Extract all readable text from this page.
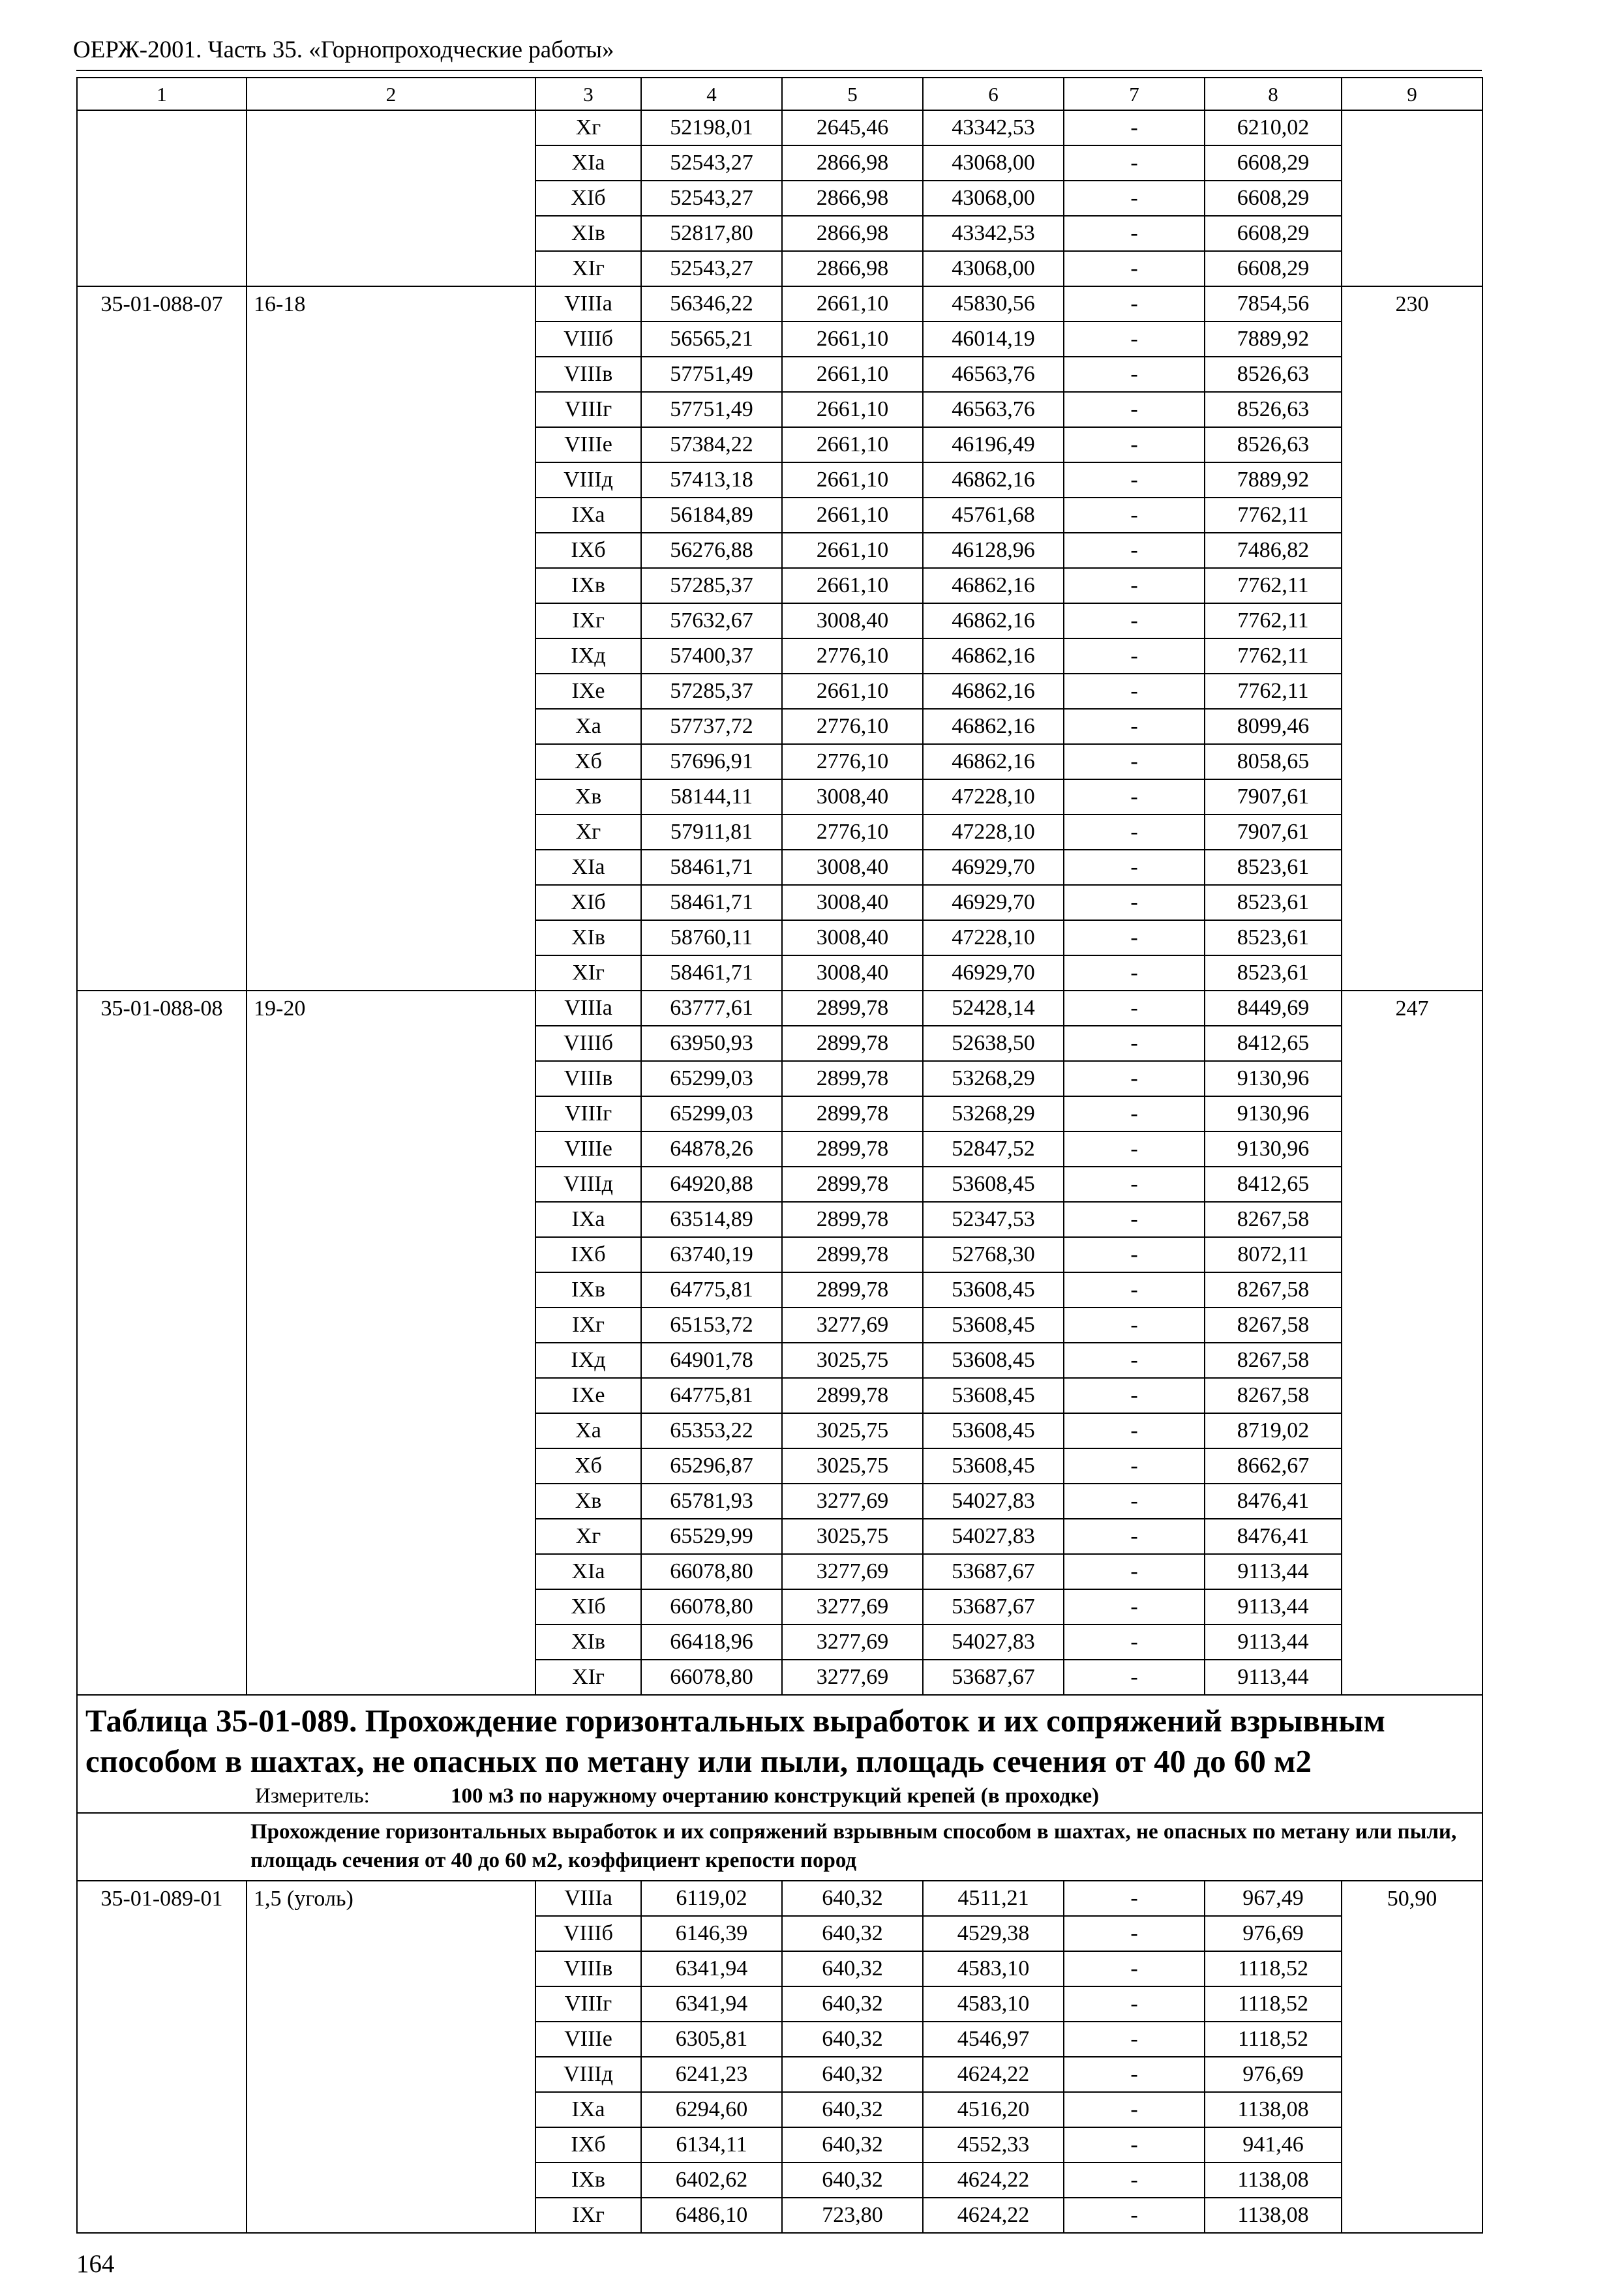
ОЕРЖ-2001. Часть 35. «Горнопроходческие работы»
1	2	3	4	5	6	7	8	9
		Xг	52198,01	2645,46	43342,53	-	6210,02	
		XIа	52543,27	2866,98	43068,00	-	6608,29	
		XIб	52543,27	2866,98	43068,00	-	6608,29	
		XIв	52817,80	2866,98	43342,53	-	6608,29	
		XIг	52543,27	2866,98	43068,00	-	6608,29	
35-01-088-07	16-18	VIIIа	56346,22	2661,10	45830,56	-	7854,56	230
		VIIIб	56565,21	2661,10	46014,19	-	7889,92	
		VIIIв	57751,49	2661,10	46563,76	-	8526,63	
		VIIIг	57751,49	2661,10	46563,76	-	8526,63	
		VIIIе	57384,22	2661,10	46196,49	-	8526,63	
		VIIIд	57413,18	2661,10	46862,16	-	7889,92	
		IXа	56184,89	2661,10	45761,68	-	7762,11	
		IXб	56276,88	2661,10	46128,96	-	7486,82	
		IXв	57285,37	2661,10	46862,16	-	7762,11	
		IXг	57632,67	3008,40	46862,16	-	7762,11	
		IXд	57400,37	2776,10	46862,16	-	7762,11	
		IXе	57285,37	2661,10	46862,16	-	7762,11	
		Xа	57737,72	2776,10	46862,16	-	8099,46	
		Xб	57696,91	2776,10	46862,16	-	8058,65	
		Xв	58144,11	3008,40	47228,10	-	7907,61	
		Xг	57911,81	2776,10	47228,10	-	7907,61	
		XIа	58461,71	3008,40	46929,70	-	8523,61	
		XIб	58461,71	3008,40	46929,70	-	8523,61	
		XIв	58760,11	3008,40	47228,10	-	8523,61	
		XIг	58461,71	3008,40	46929,70	-	8523,61	
35-01-088-08	19-20	VIIIа	63777,61	2899,78	52428,14	-	8449,69	247
		VIIIб	63950,93	2899,78	52638,50	-	8412,65	
		VIIIв	65299,03	2899,78	53268,29	-	9130,96	
		VIIIг	65299,03	2899,78	53268,29	-	9130,96	
		VIIIе	64878,26	2899,78	52847,52	-	9130,96	
		VIIIд	64920,88	2899,78	53608,45	-	8412,65	
		IXа	63514,89	2899,78	52347,53	-	8267,58	
		IXб	63740,19	2899,78	52768,30	-	8072,11	
		IXв	64775,81	2899,78	53608,45	-	8267,58	
		IXг	65153,72	3277,69	53608,45	-	8267,58	
		IXд	64901,78	3025,75	53608,45	-	8267,58	
		IXе	64775,81	2899,78	53608,45	-	8267,58	
		Xа	65353,22	3025,75	53608,45	-	8719,02	
		Xб	65296,87	3025,75	53608,45	-	8662,67	
		Xв	65781,93	3277,69	54027,83	-	8476,41	
		Xг	65529,99	3025,75	54027,83	-	8476,41	
		XIа	66078,80	3277,69	53687,67	-	9113,44	
		XIб	66078,80	3277,69	53687,67	-	9113,44	
		XIв	66418,96	3277,69	54027,83	-	9113,44	
		XIг	66078,80	3277,69	53687,67	-	9113,44	

Таблица 35-01-089. Прохождение горизонтальных выработок и их сопряжений взрывным способом в шахтах, не опасных по метану или пыли, площадь сечения от 40 до 60 м2
Измеритель: 100 м3 по наружному очертанию конструкций крепей (в проходке)								

Прохождение горизонтальных выработок и их сопряжений взрывным способом в шахтах, не опасных по метану или пыли, площадь сечения от 40 до 60 м2, коэффициент крепости пород								
35-01-089-01	1,5 (уголь)	VIIIа	6119,02	640,32	4511,21	-	967,49	50,90
		VIIIб	6146,39	640,32	4529,38	-	976,69	
		VIIIв	6341,94	640,32	4583,10	-	1118,52	
		VIIIг	6341,94	640,32	4583,10	-	1118,52	
		VIIIе	6305,81	640,32	4546,97	-	1118,52	
		VIIIд	6241,23	640,32	4624,22	-	976,69	
		IXа	6294,60	640,32	4516,20	-	1138,08	
		IXб	6134,11	640,32	4552,33	-	941,46	
		IXв	6402,62	640,32	4624,22	-	1138,08	
		IXг	6486,10	723,80	4624,22	-	1138,08	
164
